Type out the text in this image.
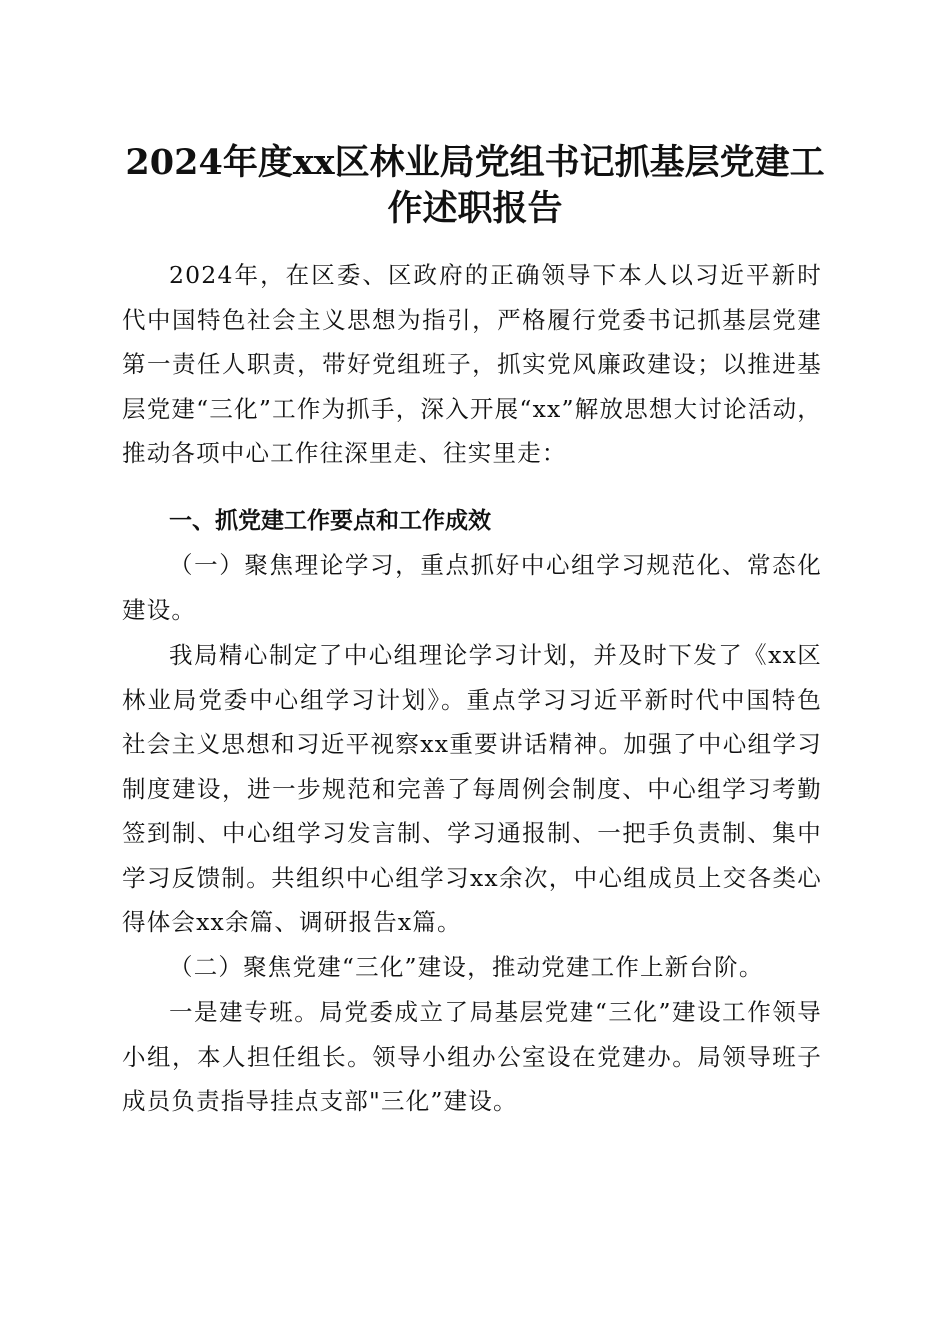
2024年度xx区林业局党组书记抓基层党建工
作述职报告

2024年，在区委、区政府的正确领导下本人以习近平新时代中国特色社会主义思想为指引，严格履行党委书记抓基层党建第一责任人职责，带好党组班子，抓实党风廉政建设；以推进基层党建“三化”工作为抓手，深入开展“xx”解放思想大讨论活动，推动各项中心工作往深里走、往实里走：

一、抓党建工作要点和工作成效

（一）聚焦理论学习，重点抓好中心组学习规范化、常态化建设。

我局精心制定了中心组理论学习计划，并及时下发了《xx区林业局党委中心组学习计划》。重点学习习近平新时代中国特色社会主义思想和习近平视察xx重要讲话精神。加强了中心组学习制度建设，进一步规范和完善了每周例会制度、中心组学习考勤签到制、中心组学习发言制、学习通报制、一把手负责制、集中学习反馈制。共组织中心组学习xx余次，中心组成员上交各类心得体会xx余篇、调研报告x篇。

（二）聚焦党建“三化”建设，推动党建工作上新台阶。

一是建专班。局党委成立了局基层党建“三化”建设工作领导小组，本人担任组长。领导小组办公室设在党建办。局领导班子成员负责指导挂点支部"三化”建设。
